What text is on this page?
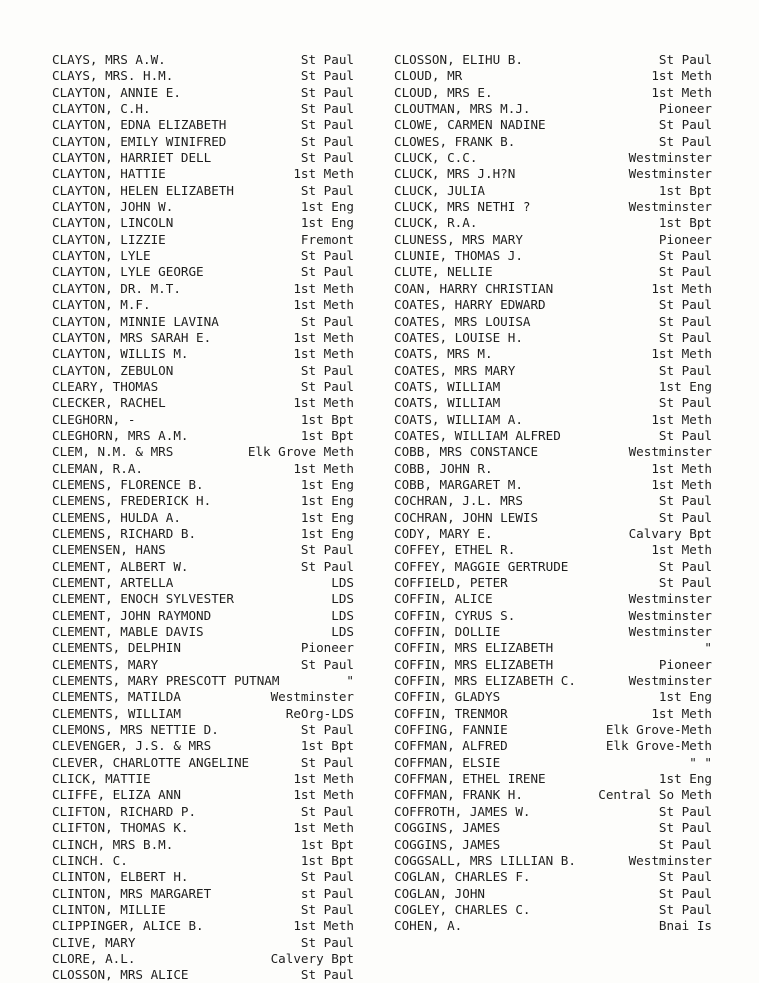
CLAYS, MRS A.W.	St Paul
CLAYS, MRS. H.M.	St Paul
CLAYTON, ANNIE E.	St Paul
CLAYTON, C.H.	St Paul
CLAYTON, EDNA ELIZABETH	St Paul
CLAYTON, EMILY WINIFRED	St Paul
CLAYTON, HARRIET DELL	St Paul
CLAYTON, HATTIE	1st Meth
CLAYTON, HELEN ELIZABETH	St Paul
CLAYTON, JOHN W.	1st Eng
CLAYTON, LINCOLN	1st Eng
CLAYTON, LIZZIE	Fremont
CLAYTON, LYLE	St Paul
CLAYTON, LYLE GEORGE	St Paul
CLAYTON, DR. M.T.	1st Meth
CLAYTON, M.F.	1st Meth
CLAYTON, MINNIE LAVINA	St Paul
CLAYTON, MRS SARAH E.	1st Meth
CLAYTON, WILLIS M.	1st Meth
CLAYTON, ZEBULON	St Paul
CLEARY, THOMAS	St Paul
CLECKER, RACHEL	1st Meth
CLEGHORN, -	1st Bpt
CLEGHORN, MRS A.M.	1st Bpt
CLEM, N.M. & MRS	Elk Grove Meth
CLEMAN, R.A.	1st Meth
CLEMENS, FLORENCE B.	1st Eng
CLEMENS, FREDERICK H.	1st Eng
CLEMENS, HULDA A.	1st Eng
CLEMENS, RICHARD B.	1st Eng
CLEMENSEN, HANS	St Paul
CLEMENT, ALBERT W.	St Paul
CLEMENT, ARTELLA	LDS
CLEMENT, ENOCH SYLVESTER	LDS
CLEMENT, JOHN RAYMOND	LDS
CLEMENT, MABLE DAVIS	LDS
CLEMENTS, DELPHIN	Pioneer
CLEMENTS, MARY	St Paul
CLEMENTS, MARY PRESCOTT PUTNAM	"
CLEMENTS, MATILDA	Westminster
CLEMENTS, WILLIAM	ReOrg-LDS
CLEMONS, MRS NETTIE D.	St Paul
CLEVENGER, J.S. & MRS	1st Bpt
CLEVER, CHARLOTTE ANGELINE	St Paul
CLICK, MATTIE	1st Meth
CLIFFE, ELIZA ANN	1st Meth
CLIFTON, RICHARD P.	St Paul
CLIFTON, THOMAS K.	1st Meth
CLINCH, MRS B.M.	1st Bpt
CLINCH. C.	1st Bpt
CLINTON, ELBERT H.	St Paul
CLINTON, MRS MARGARET	st Paul
CLINTON, MILLIE	St Paul
CLIPPINGER, ALICE B.	1st Meth
CLIVE, MARY	St Paul
CLORE, A.L.	Calvery Bpt
CLOSSON, MRS ALICE	St Paul
CLOSSON, ELIHU B.	St Paul
CLOUD, MR	1st Meth
CLOUD, MRS E.	1st Meth
CLOUTMAN, MRS M.J.	Pioneer
CLOWE, CARMEN NADINE	St Paul
CLOWES, FRANK B.	St Paul
CLUCK, C.C.	Westminster
CLUCK, MRS J.H?N	Westminster
CLUCK, JULIA	1st Bpt
CLUCK, MRS NETHI ?	Westminster
CLUCK, R.A.	1st Bpt
CLUNESS, MRS MARY	Pioneer
CLUNIE, THOMAS J.	St Paul
CLUTE, NELLIE	St Paul
COAN, HARRY CHRISTIAN	1st Meth
COATES, HARRY EDWARD	St Paul
COATES, MRS LOUISA	St Paul
COATES, LOUISE H.	St Paul
COATS, MRS M.	1st Meth
COATES, MRS MARY	St Paul
COATS, WILLIAM	1st Eng
COATS, WILLIAM	St Paul
COATS, WILLIAM A.	1st Meth
COATES, WILLIAM ALFRED	St Paul
COBB, MRS CONSTANCE	Westminster
COBB, JOHN R.	1st Meth
COBB, MARGARET M.	1st Meth
COCHRAN, J.L. MRS	St Paul
COCHRAN, JOHN LEWIS	St Paul
CODY, MARY E.	Calvary Bpt
COFFEY, ETHEL R.	1st Meth
COFFEY, MAGGIE GERTRUDE	St Paul
COFFIELD, PETER	St Paul
COFFIN, ALICE	Westminster
COFFIN, CYRUS S.	Westminster
COFFIN, DOLLIE	Westminster
COFFIN, MRS ELIZABETH	"
COFFIN, MRS ELIZABETH	Pioneer
COFFIN, MRS ELIZABETH C.	Westminster
COFFIN, GLADYS	1st Eng
COFFIN, TRENMOR	1st Meth
COFFING, FANNIE	Elk Grove-Meth
COFFMAN, ALFRED	Elk Grove-Meth
COFFMAN, ELSIE	" "
COFFMAN, ETHEL IRENE	1st Eng
COFFMAN, FRANK H.	Central So Meth
COFFROTH, JAMES W.	St Paul
COGGINS, JAMES	St Paul
COGGINS, JAMES	St Paul
COGGSALL, MRS LILLIAN B.	Westminster
COGLAN, CHARLES F.	St Paul
COGLAN, JOHN	St Paul
COGLEY, CHARLES C.	St Paul
COHEN, A.	Bnai Is
